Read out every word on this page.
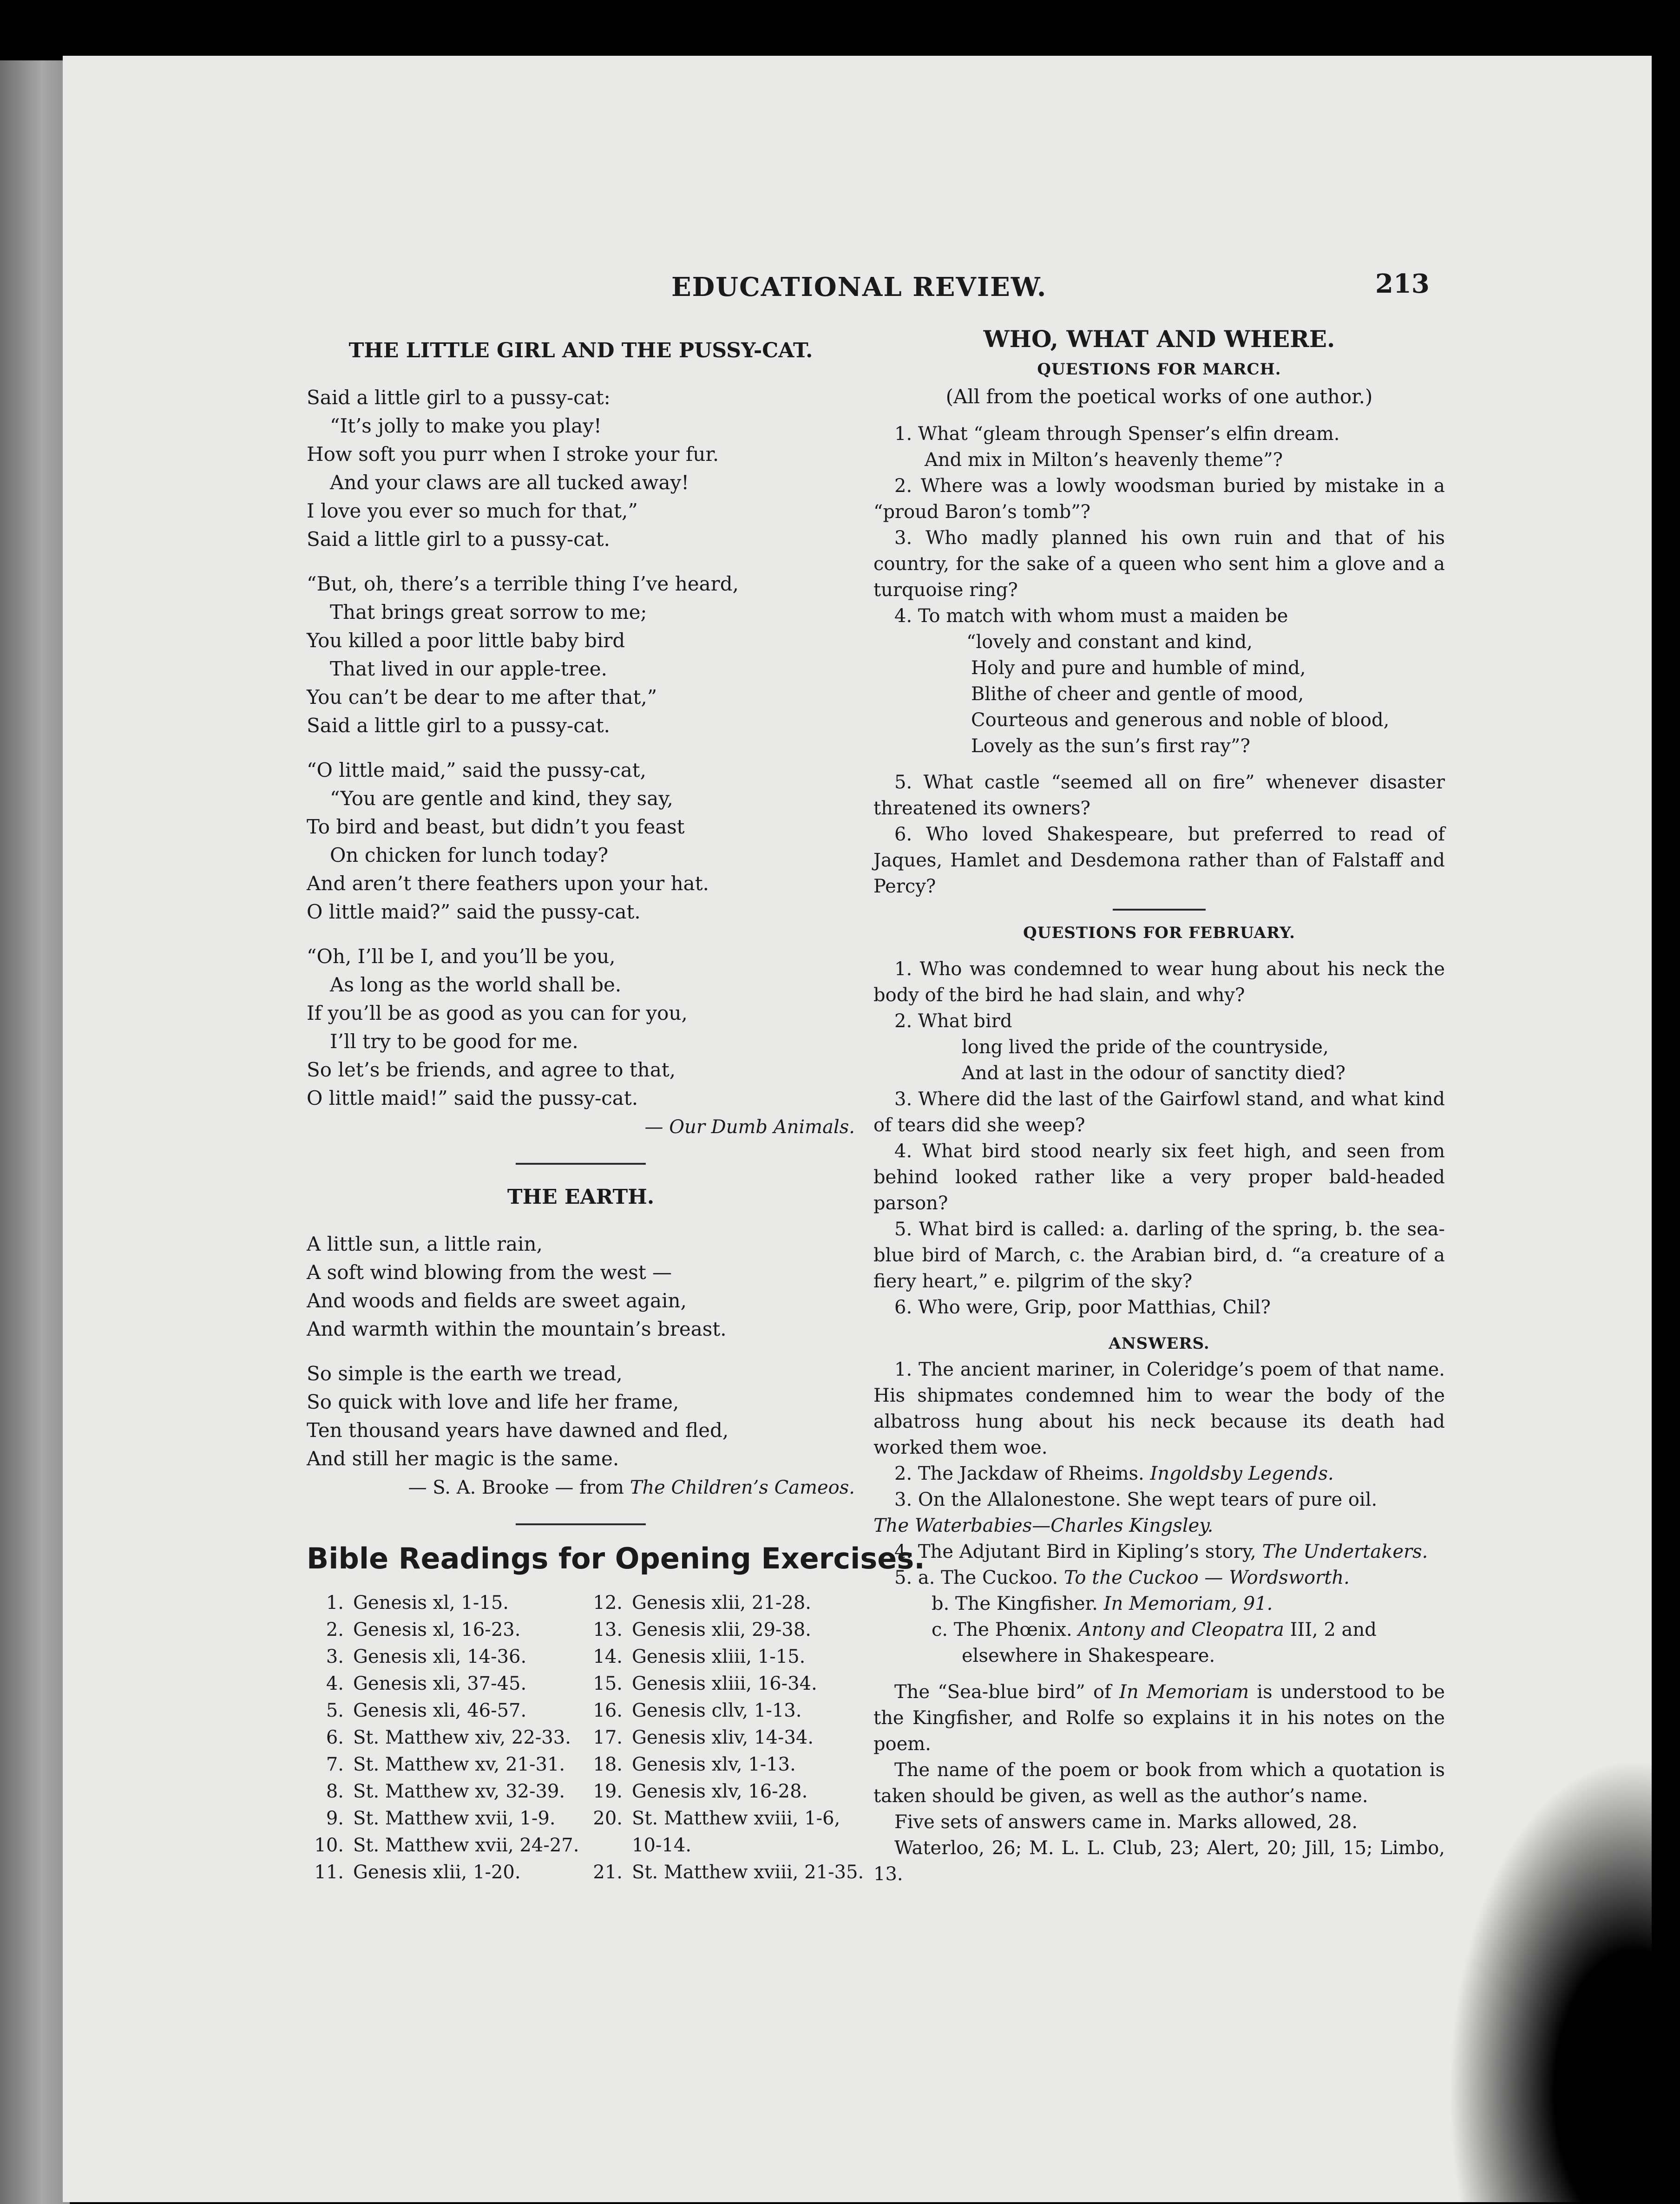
EDUCATIONAL REVIEW.	213
THE LITTLE GIRL AND THE PUSSY-CAT.
Said a little girl to a pussy-cat:
“It’s jolly to make you play!
How soft you purr when I stroke your fur.
And your claws are all tucked away!
I love you ever so much for that,”
Said a little girl to a pussy-cat.
“But, oh, there’s a terrible thing I’ve heard,
That brings great sorrow to me;
You killed a poor little baby bird
That lived in our apple-tree.
You can’t be dear to me after that,”
Said a little girl to a pussy-cat.
“O little maid,” said the pussy-cat,
“You are gentle and kind, they say,
To bird and beast, but didn’t you feast
On chicken for lunch today?
And aren’t there feathers upon your hat.
O little maid?” said the pussy-cat.
“Oh, I’ll be I, and you’ll be you,
As long as the world shall be.
If you’ll be as good as you can for you,
I’ll try to be good for me.
So let’s be friends, and agree to that,
O little maid!” said the pussy-cat.
— Our Dumb Animals.
THE EARTH.
A little sun, a little rain,
A soft wind blowing from the west —
And woods and fields are sweet again,
And warmth within the mountain’s breast.
So simple is the earth we tread,
So quick with love and life her frame,
Ten thousand years have dawned and fled,
And still her magic is the same.
— S. A. Brooke — from The Children’s Cameos.
Bible Readings for Opening Exercises.
1. Genesis xl, 1-15.
2. Genesis xl, 16-23.
3. Genesis xli, 14-36.
4. Genesis xli, 37-45.
5. Genesis xli, 46-57.
6. St. Matthew xiv, 22-33.
7. St. Matthew xv, 21-31.
8. St. Matthew xv, 32-39.
9. St. Matthew xvii, 1-9.
10. St. Matthew xvii, 24-27.
11. Genesis xlii, 1-20.
12. Genesis xlii, 21-28.
13. Genesis xlii, 29-38.
14. Genesis xliii, 1-15.
15. Genesis xliii, 16-34.
16. Genesis cllv, 1-13.
17. Genesis xliv, 14-34.
18. Genesis xlv, 1-13.
19. Genesis xlv, 16-28.
20. St. Matthew xviii, 1-6,
10-14.
21. St. Matthew xviii, 21-35.
WHO, WHAT AND WHERE.
QUESTIONS FOR MARCH.
(All from the poetical works of one author.)
1. What “gleam through Spenser’s elfin dream.
And mix in Milton’s heavenly theme”?
2. Where was a lowly woodsman buried by mistake in a “proud Baron’s tomb”?
3. Who madly planned his own ruin and that of his country, for the sake of a queen who sent him a glove and a turquoise ring?
4. To match with whom must a maiden be
“lovely and constant and kind,
Holy and pure and humble of mind,
Blithe of cheer and gentle of mood,
Courteous and generous and noble of blood,
Lovely as the sun’s first ray”?
5. What castle “seemed all on fire” whenever disaster threatened its owners?
6. Who loved Shakespeare, but preferred to read of Jaques, Hamlet and Desdemona rather than of Falstaff and Percy?
QUESTIONS FOR FEBRUARY.
1. Who was condemned to wear hung about his neck the body of the bird he had slain, and why?
2. What bird
long lived the pride of the countryside,
And at last in the odour of sanctity died?
3. Where did the last of the Gairfowl stand, and what kind of tears did she weep?
4. What bird stood nearly six feet high, and seen from behind looked rather like a very proper bald-headed parson?
5. What bird is called: a. darling of the spring, b. the sea-blue bird of March, c. the Arabian bird, d. “a creature of a fiery heart,” e. pilgrim of the sky?
6. Who were, Grip, poor Matthias, Chil?
ANSWERS.
1. The ancient mariner, in Coleridge’s poem of that name. His shipmates condemned him to wear the body of the albatross hung about his neck because its death had worked them woe.
2. The Jackdaw of Rheims. Ingoldsby Legends.
3. On the Allalonestone. She wept tears of pure oil.
The Waterbabies—Charles Kingsley.
4. The Adjutant Bird in Kipling’s story, The Undertakers.
5. a. The Cuckoo. To the Cuckoo — Wordsworth.
b. The Kingfisher. In Memoriam, 91.
c. The Phœnix. Antony and Cleopatra III, 2 and
elsewhere in Shakespeare.
The “Sea-blue bird” of In Memoriam is understood to be the Kingfisher, and Rolfe so explains it in his notes on the poem.
The name of the poem or book from which a quotation is taken should be given, as well as the author’s name.
Five sets of answers came in. Marks allowed, 28.
Waterloo, 26; M. L. L. Club, 23; Alert, 20; Jill, 15; Limbo, 13.
